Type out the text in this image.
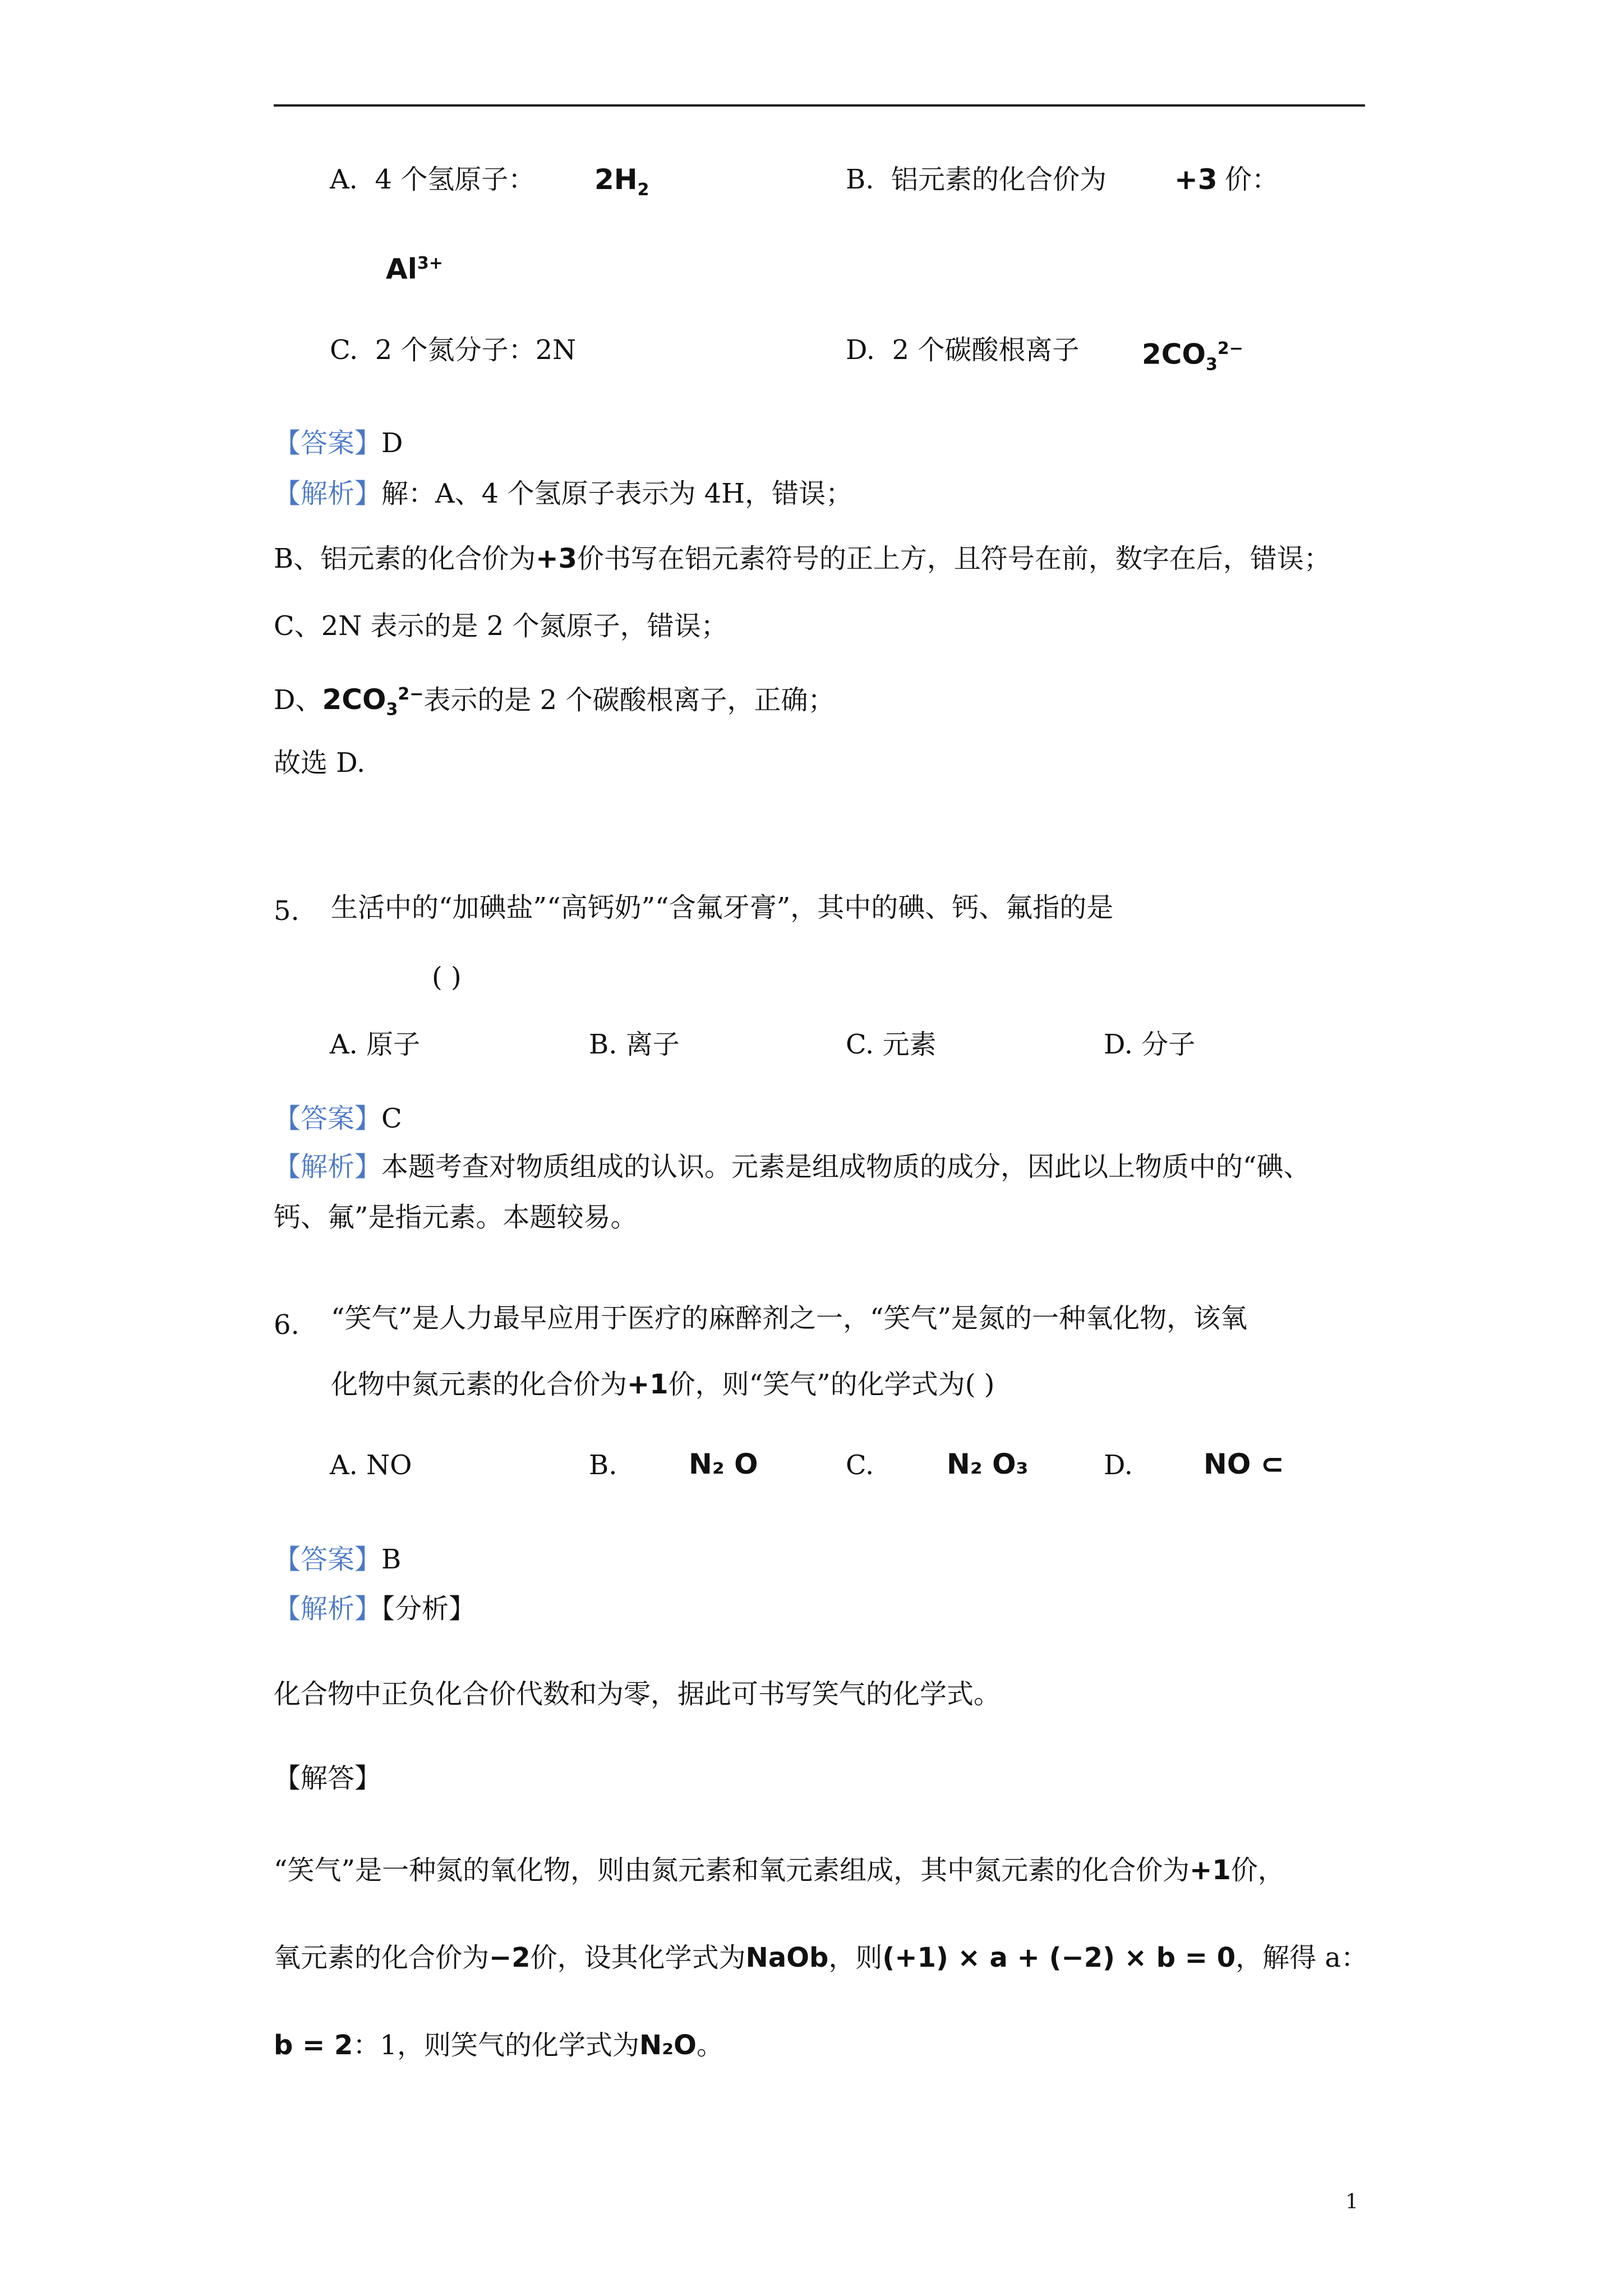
A. 4 个氢原子： $2H_2$	B. 铝元素的化合价为 +3 价：
$Al^{3+}$
C. 2 个氮分子：2N	D. 2 个碳酸根离子 $2CO_3^{2-}$
【答案】D
【解析】解：A、4 个氢原子表示为 4H，错误；
B、铝元素的化合价为+3价书写在铝元素符号的正上方，且符号在前，数字在后，错误；
C、2N 表示的是 2 个氮原子，错误；
D、$2CO_3^{2-}$表示的是 2 个碳酸根离子，正确；
故选 D.
5. 生活中的“加碘盐”“高钙奶”“含氟牙膏”，其中的碘、钙、氟指的是
( )
A. 原子	B. 离子	C. 元素	D. 分子
【答案】C
【解析】本题考查对物质组成的认识。元素是组成物质的成分，因此以上物质中的“碘、
钙、氟”是指元素。本题较易。
6. “笑气”是人力最早应用于医疗的麻醉剂之一，“笑气”是氮的一种氧化物，该氧
化物中氮元素的化合价为+1价，则“笑气”的化学式为( )
A. NO	B.	N₂ O	C.	N₂ O₃	D.	NO ⊂
【答案】B
【解析】【分析】
化合物中正负化合价代数和为零，据此可书写笑气的化学式。
【解答】
“笑气”是一种氮的氧化物，则由氮元素和氧元素组成，其中氮元素的化合价为+1价，
氧元素的化合价为−2价，设其化学式为NaOb，则(+1) × a + (−2) × b = 0，解得 a：
b = 2：1，则笑气的化学式为N₂O。
1
